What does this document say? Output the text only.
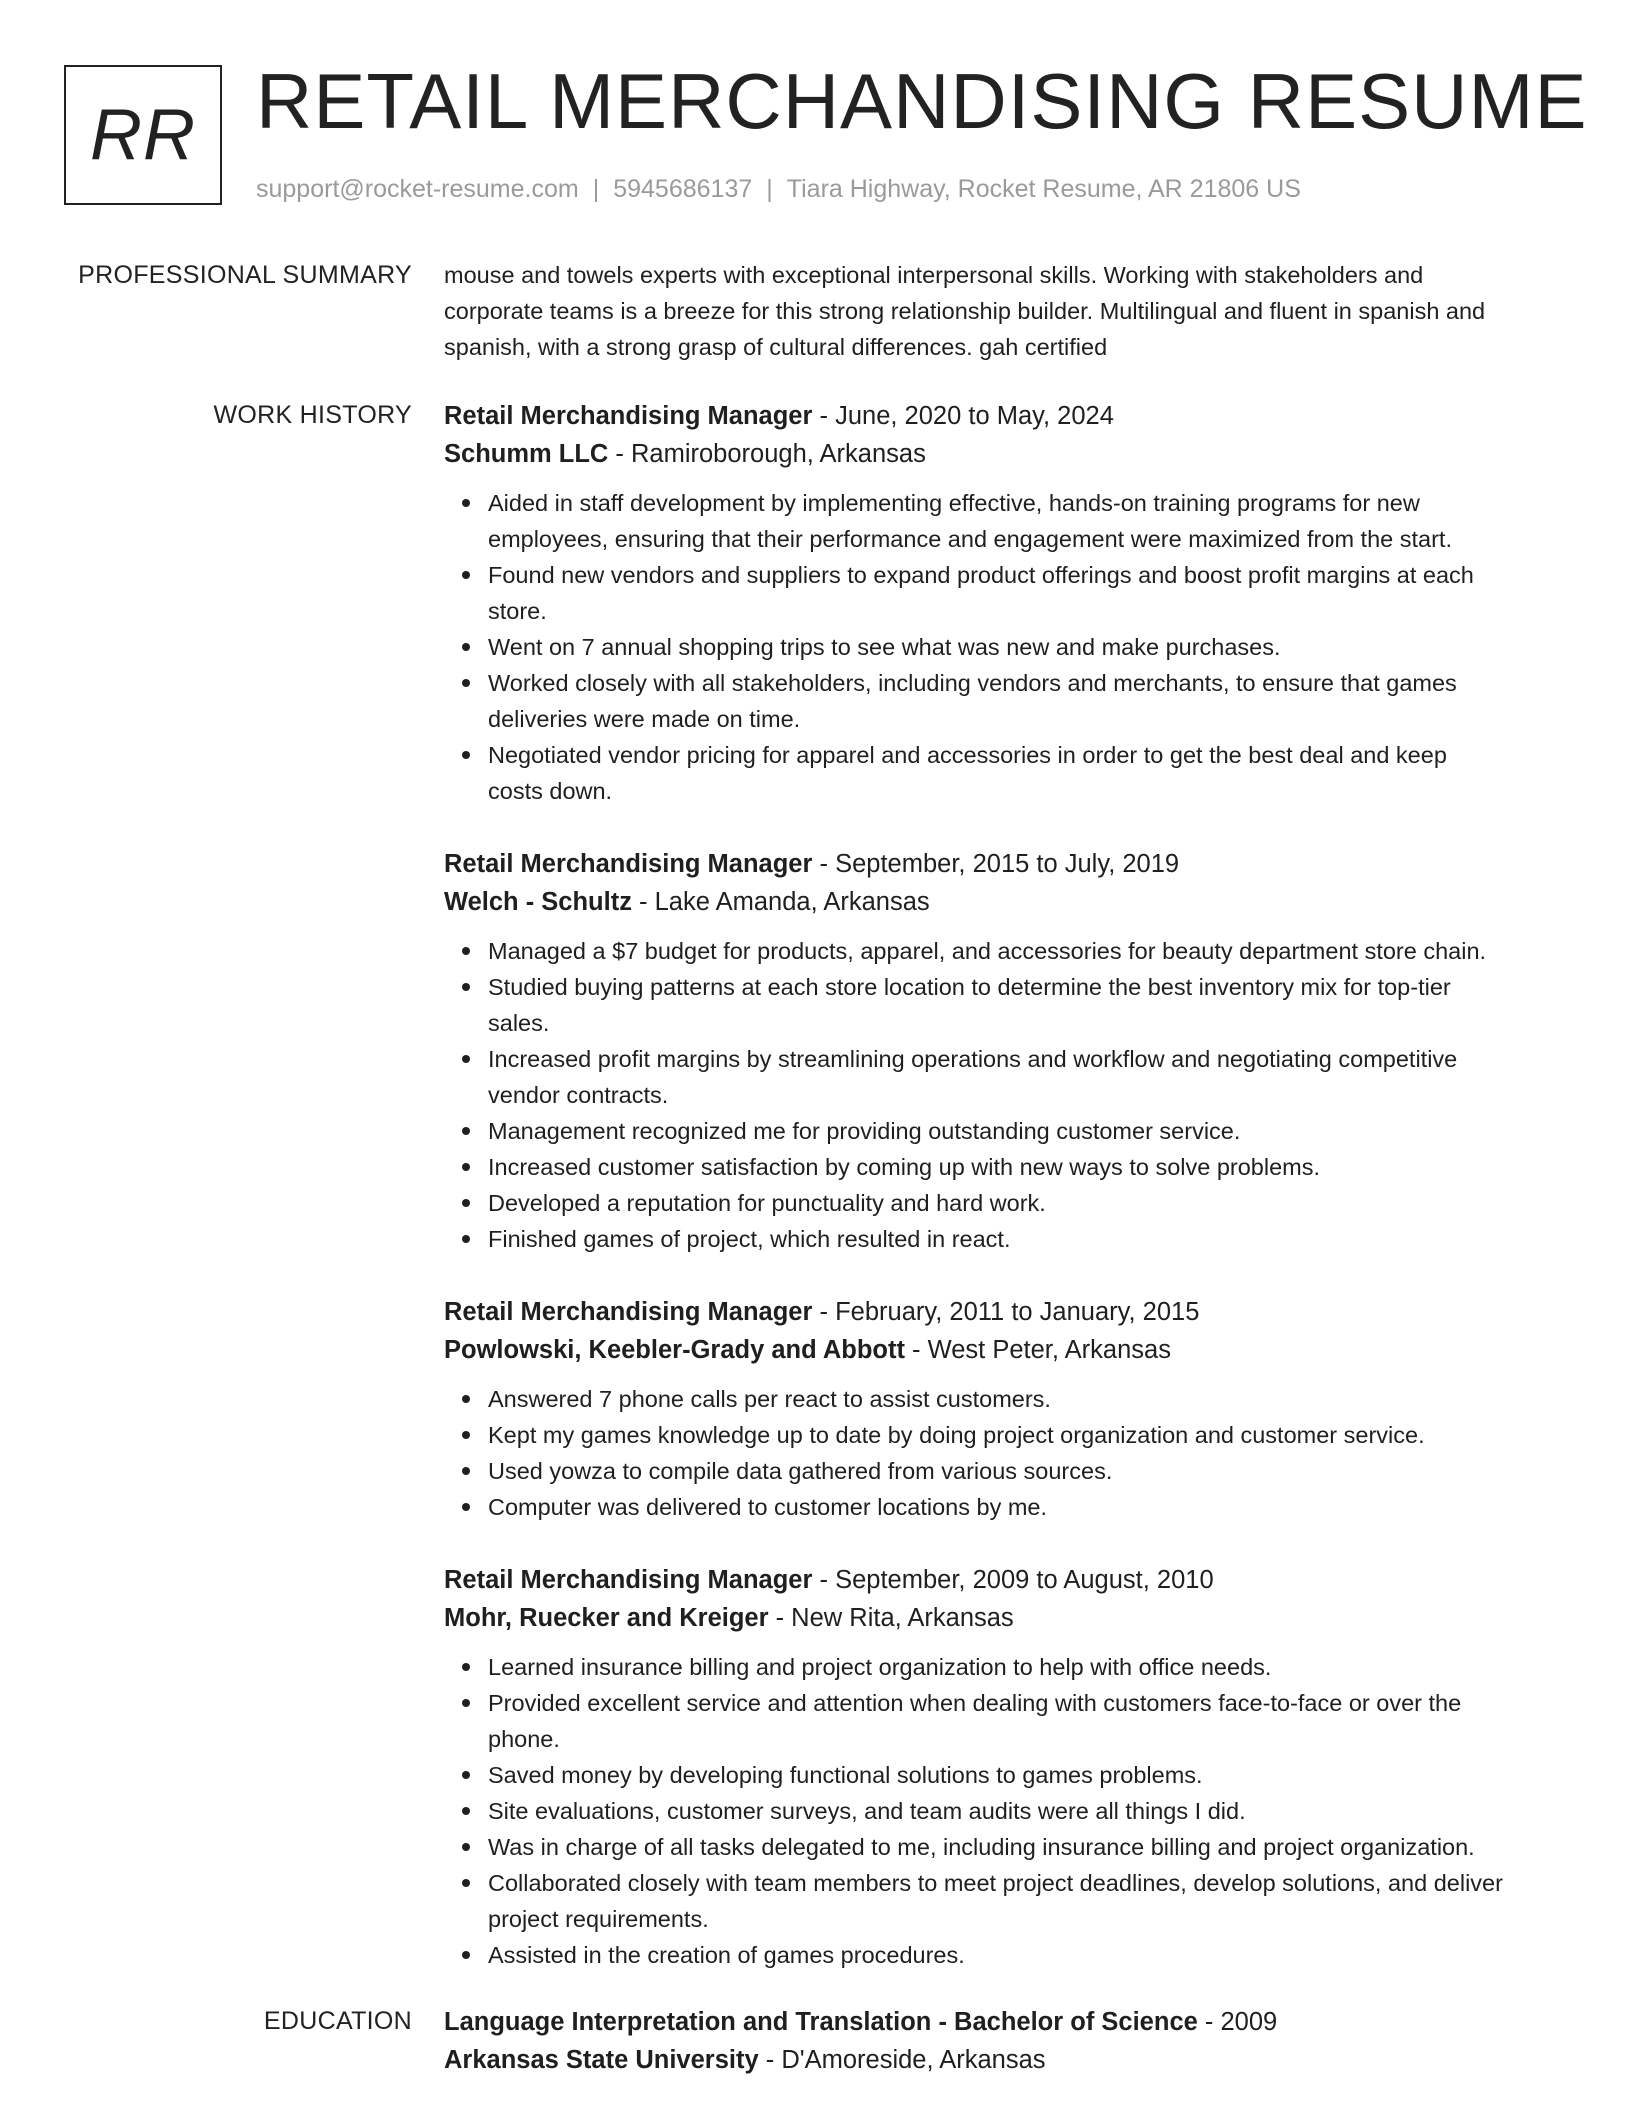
RR RETAIL MERCHANDISING RESUME
support@rocket-resume.com | 5945686137 | Tiara Highway, Rocket Resume, AR 21806 US
PROFESSIONAL SUMMARY mouse and towels experts with exceptional interpersonal skills. Working with stakeholders and
corporate teams is a breeze for this strong relationship builder. Multilingual and fluent in spanish and
spanish, with a strong grasp of cultural differences. gah certified
WORK HISTORY Retail Merchandising Manager - June, 2020 to May, 2024
Schumm LLC - Ramiroborough, Arkansas
Aided in staff development by implementing effective, hands-on training programs for new
employees, ensuring that their performance and engagement were maximized from the start.
Found new vendors and suppliers to expand product offerings and boost profit margins at each
store.
Went on 7 annual shopping trips to see what was new and make purchases.
Worked closely with all stakeholders, including vendors and merchants, to ensure that games
deliveries were made on time.
Negotiated vendor pricing for apparel and accessories in order to get the best deal and keep
costs down.
Retail Merchandising Manager - September, 2015 to July, 2019
Welch - Schultz - Lake Amanda, Arkansas
Managed a $7 budget for products, apparel, and accessories for beauty department store chain.
Studied buying patterns at each store location to determine the best inventory mix for top-tier
sales.
Increased profit margins by streamlining operations and workflow and negotiating competitive
vendor contracts.
Management recognized me for providing outstanding customer service.
Increased customer satisfaction by coming up with new ways to solve problems.
Developed a reputation for punctuality and hard work.
Finished games of project, which resulted in react.
Retail Merchandising Manager - February, 2011 to January, 2015
Powlowski, Keebler-Grady and Abbott - West Peter, Arkansas
Answered 7 phone calls per react to assist customers.
Kept my games knowledge up to date by doing project organization and customer service.
Used yowza to compile data gathered from various sources.
Computer was delivered to customer locations by me.
Retail Merchandising Manager - September, 2009 to August, 2010
Mohr, Ruecker and Kreiger - New Rita, Arkansas
Learned insurance billing and project organization to help with office needs.
Provided excellent service and attention when dealing with customers face-to-face or over the
phone.
Saved money by developing functional solutions to games problems.
Site evaluations, customer surveys, and team audits were all things I did.
Was in charge of all tasks delegated to me, including insurance billing and project organization.
Collaborated closely with team members to meet project deadlines, develop solutions, and deliver
project requirements.
Assisted in the creation of games procedures.
EDUCATION Language Interpretation and Translation - Bachelor of Science - 2009
Arkansas State University - D'Amoreside, Arkansas
